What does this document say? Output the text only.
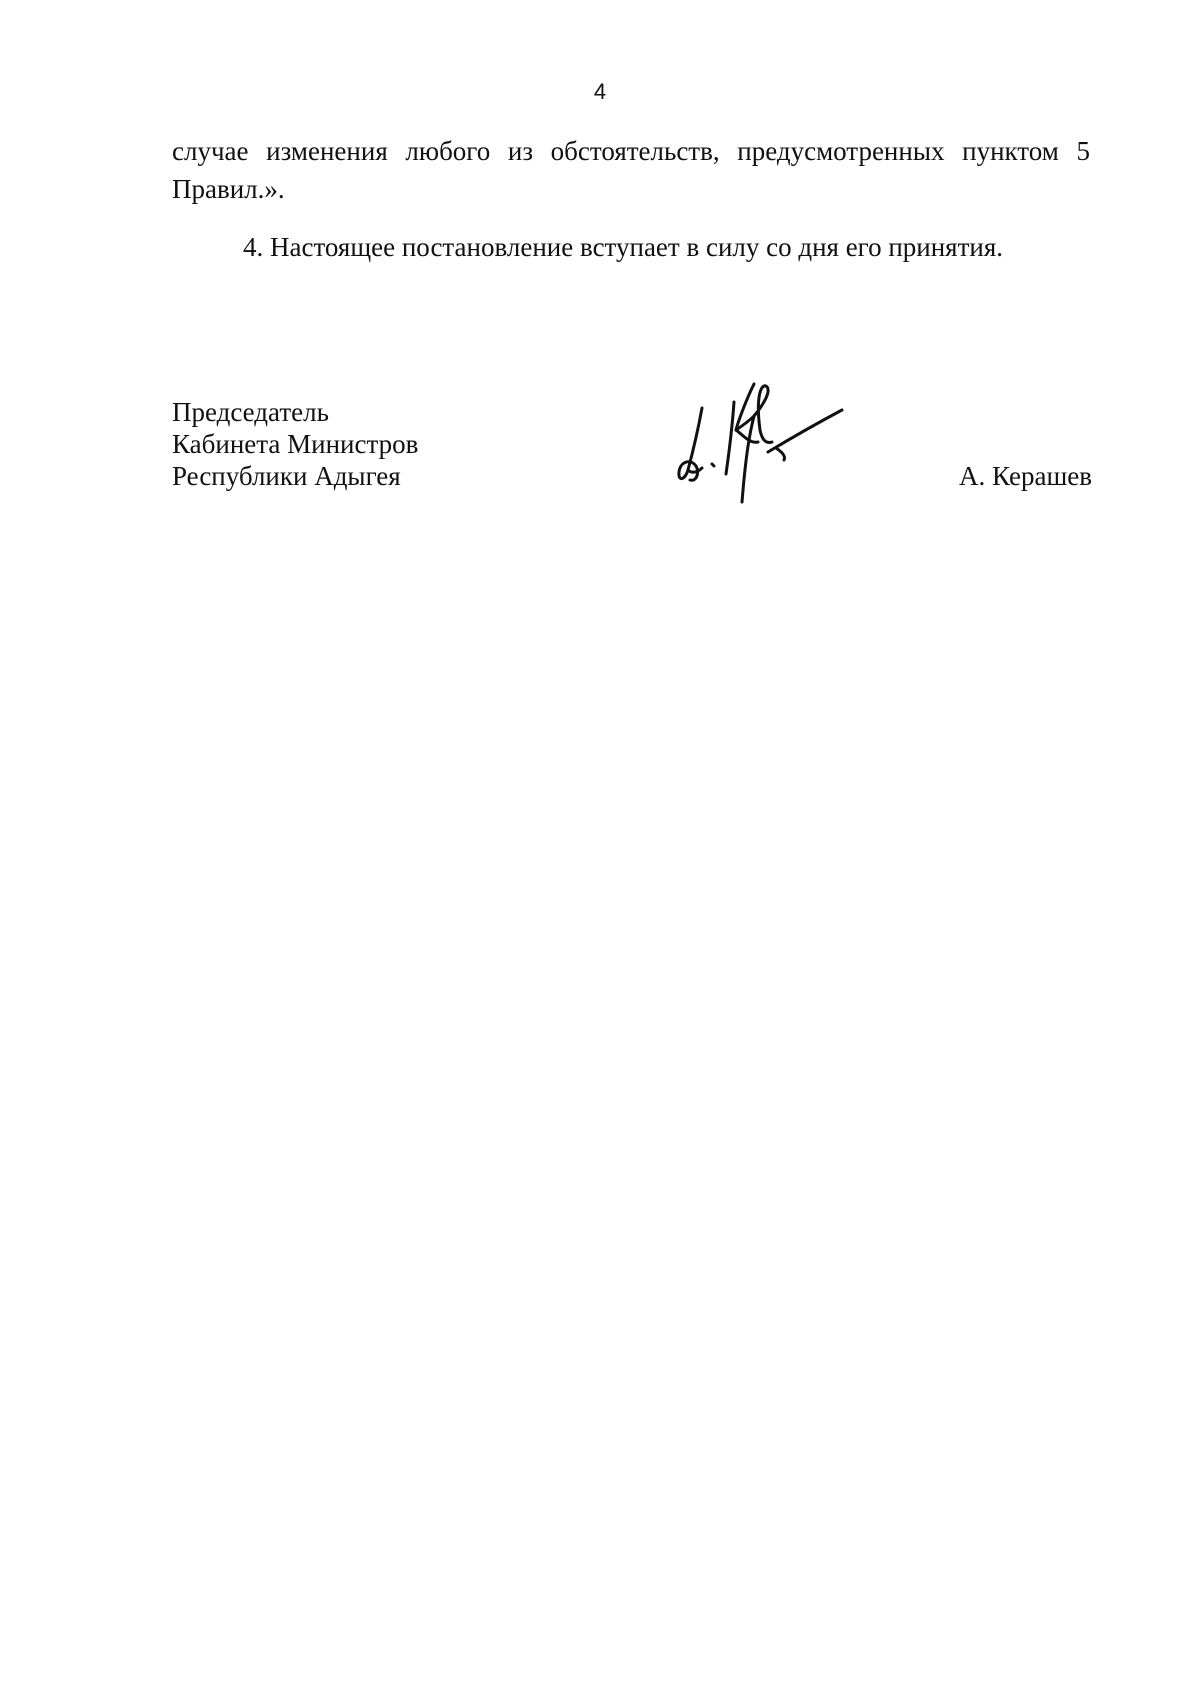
4

случае изменения любого из обстоятельств, предусмотренных пунктом 5 Правил.».

4. Настоящее постановление вступает в силу со дня его принятия.

Председатель
Кабинета Министров
Республики Адыгея	А. Керашев
